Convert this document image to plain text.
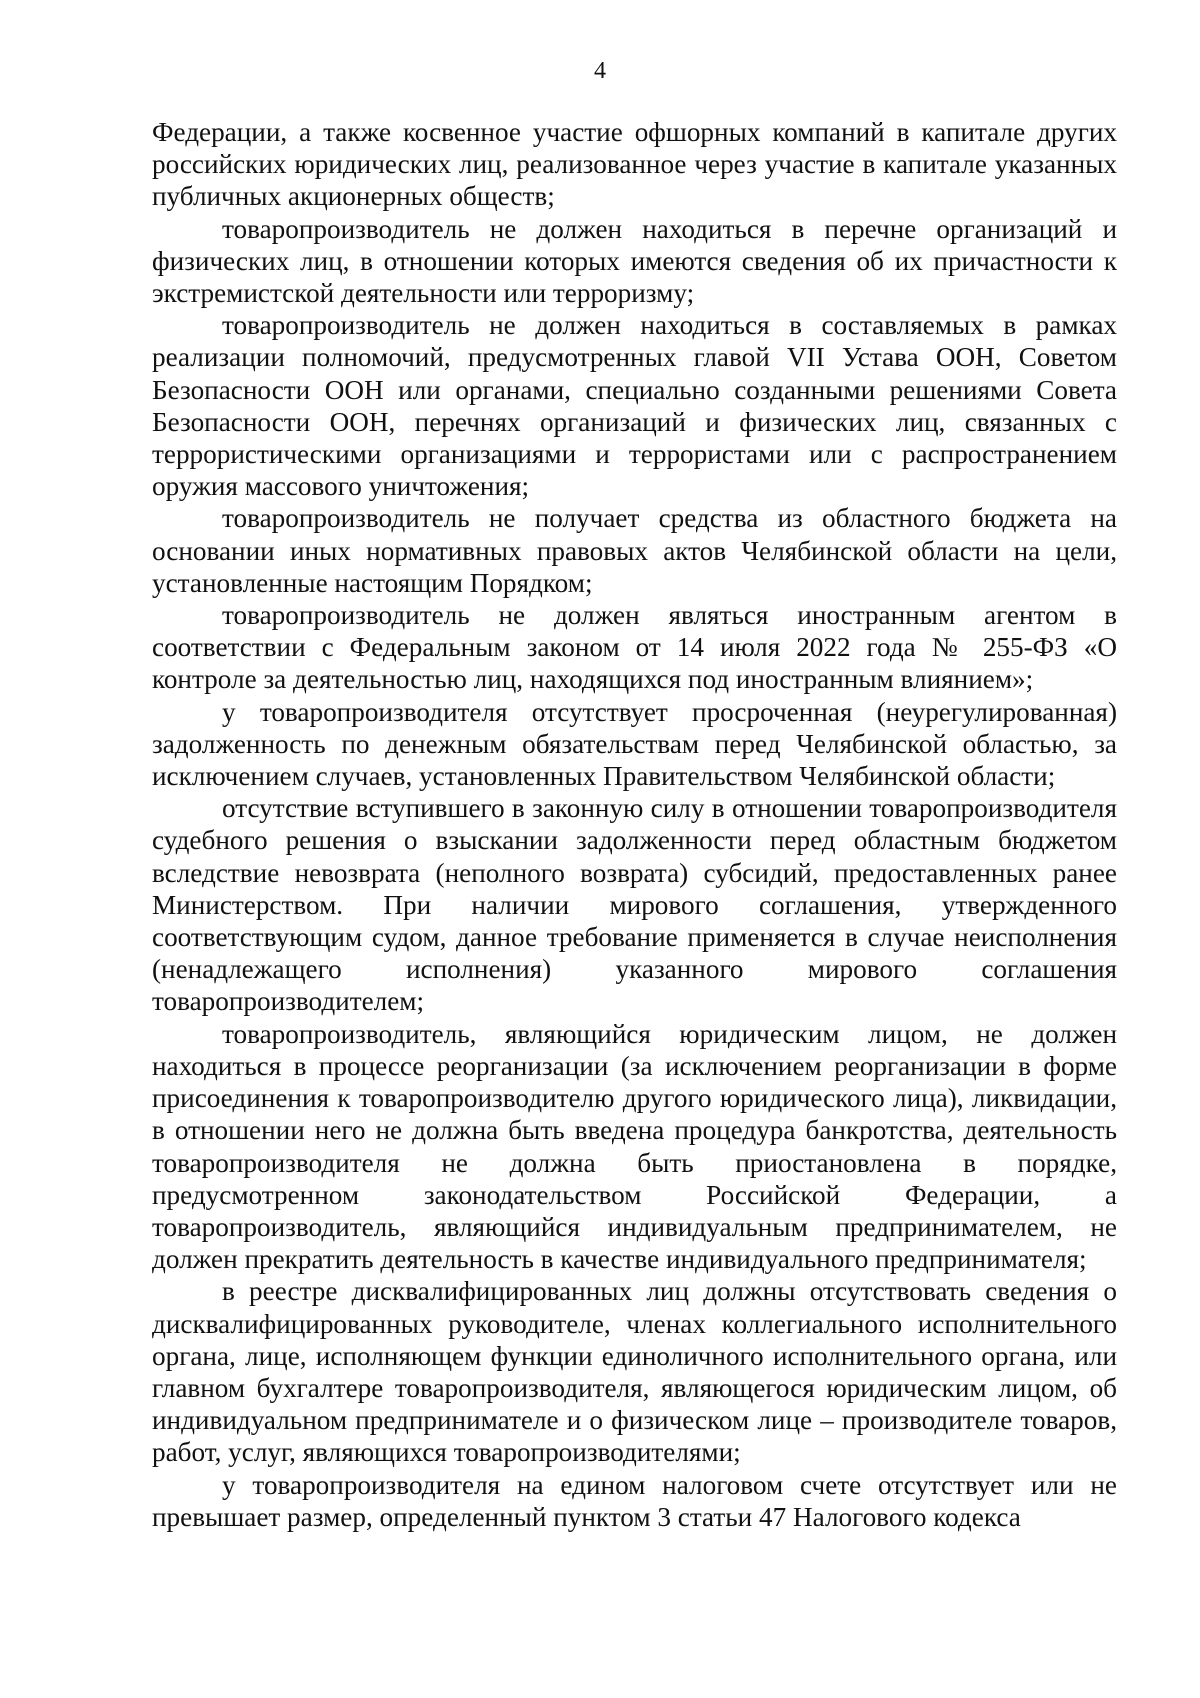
4

Федерации, а также косвенное участие офшорных компаний в капитале других российских юридических лиц, реализованное через участие в капитале указанных публичных акционерных обществ;

товаропроизводитель не должен находиться в перечне организаций и физических лиц, в отношении которых имеются сведения об их причастности к экстремистской деятельности или терроризму;

товаропроизводитель не должен находиться в составляемых в рамках реализации полномочий, предусмотренных главой VII Устава ООН, Советом Безопасности ООН или органами, специально созданными решениями Совета Безопасности ООН, перечнях организаций и физических лиц, связанных с террористическими организациями и террористами или с распространением оружия массового уничтожения;

товаропроизводитель не получает средства из областного бюджета на основании иных нормативных правовых актов Челябинской области на цели, установленные настоящим Порядком;

товаропроизводитель не должен являться иностранным агентом в соответствии с Федеральным законом от 14 июля 2022 года № 255-ФЗ «О контроле за деятельностью лиц, находящихся под иностранным влиянием»;

у товаропроизводителя отсутствует просроченная (неурегулированная) задолженность по денежным обязательствам перед Челябинской областью, за исключением случаев, установленных Правительством Челябинской области;

отсутствие вступившего в законную силу в отношении товаропроизводителя судебного решения о взыскании задолженности перед областным бюджетом вследствие невозврата (неполного возврата) субсидий, предоставленных ранее Министерством. При наличии мирового соглашения, утвержденного соответствующим судом, данное требование применяется в случае неисполнения (ненадлежащего исполнения) указанного мирового соглашения товаропроизводителем;

товаропроизводитель, являющийся юридическим лицом, не должен находиться в процессе реорганизации (за исключением реорганизации в форме присоединения к товаропроизводителю другого юридического лица), ликвидации, в отношении него не должна быть введена процедура банкротства, деятельность товаропроизводителя не должна быть приостановлена в порядке, предусмотренном законодательством Российской Федерации, а товаропроизводитель, являющийся индивидуальным предпринимателем, не должен прекратить деятельность в качестве индивидуального предпринимателя;

в реестре дисквалифицированных лиц должны отсутствовать сведения о дисквалифицированных руководителе, членах коллегиального исполнительного органа, лице, исполняющем функции единоличного исполнительного органа, или главном бухгалтере товаропроизводителя, являющегося юридическим лицом, об индивидуальном предпринимателе и о физическом лице – производителе товаров, работ, услуг, являющихся товаропроизводителями;

у товаропроизводителя на едином налоговом счете отсутствует или не превышает размер, определенный пунктом 3 статьи 47 Налогового кодекса
